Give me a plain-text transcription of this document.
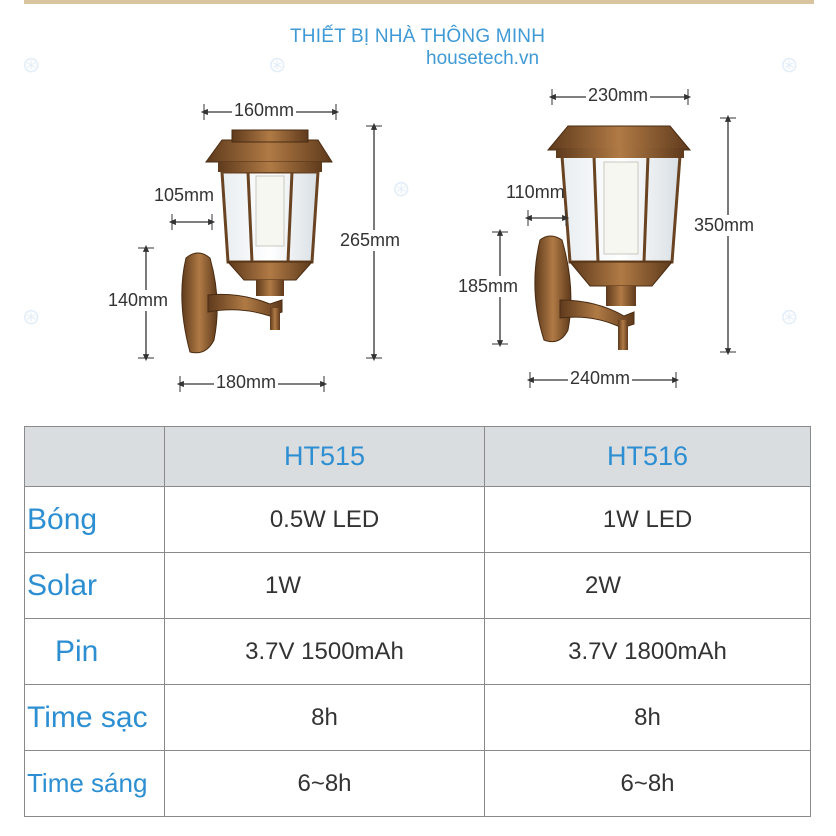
THIẾT BỊ NHÀ THÔNG MINH
housetech.vn
⊛
⊛	⊛
⊛
⊛	⊛
160mm
105mm
265mm
140mm
180mm
230mm
110mm
350mm
185mm
240mm
	HT515	HT516
Bóng	0.5W LED	1W LED
Solar	1W	2W
Pin	3.7V 1500mAh	3.7V 1800mAh
Time sạc	8h	8h
Time sáng	6~8h	6~8h
